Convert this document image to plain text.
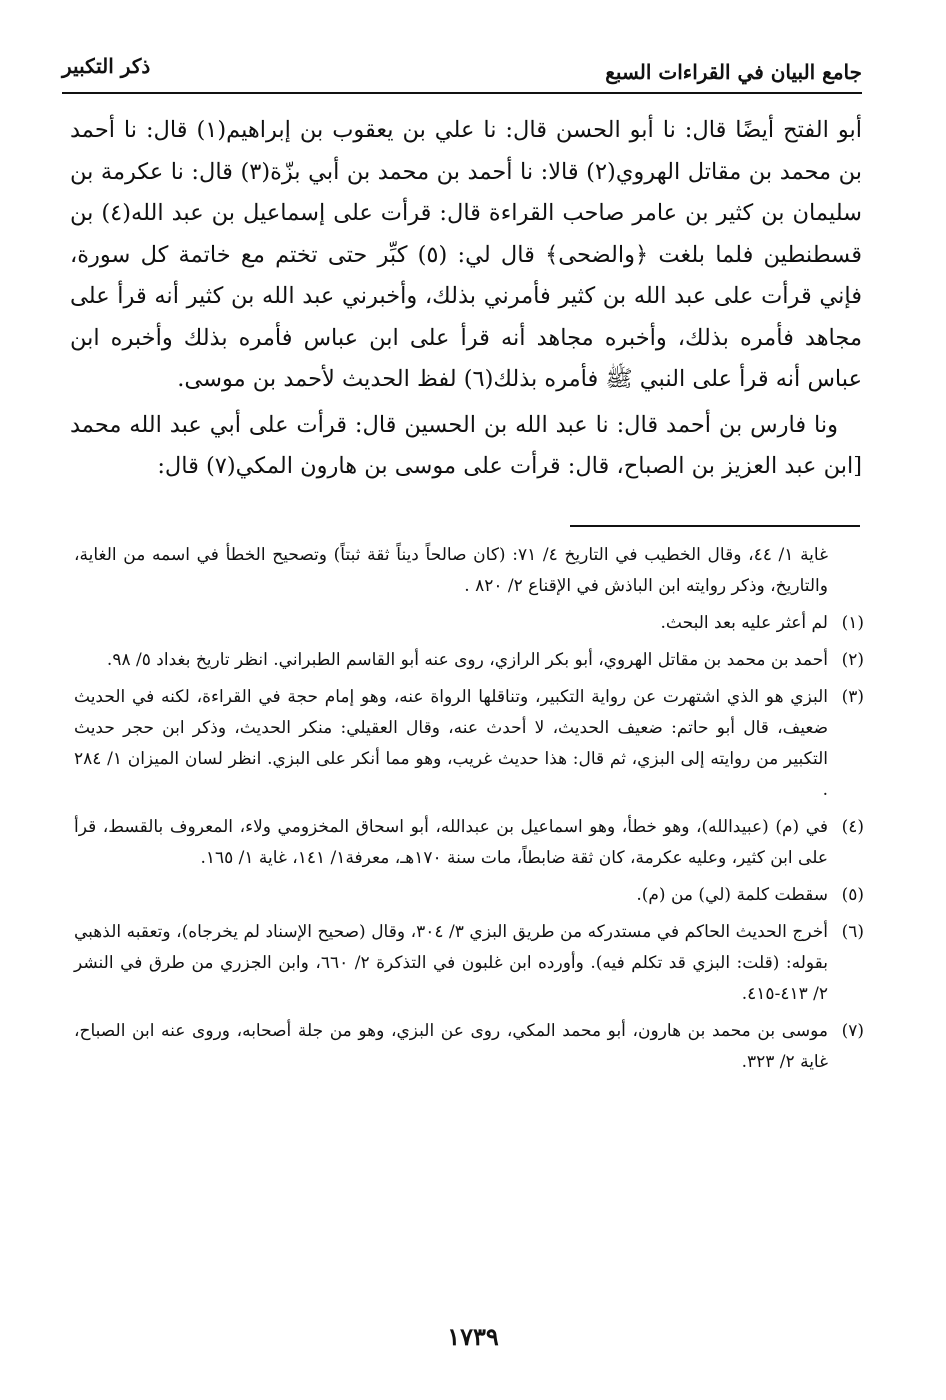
جامع البيان في القراءات السبع
ذكر التكبير

أبو الفتح أيضًا قال: نا أبو الحسن قال: نا علي بن يعقوب بن إبراهيم(١) قال: نا أحمد بن محمد بن مقاتل الهروي(٢) قالا: نا أحمد بن محمد بن أبي بزّة(٣) قال: نا عكرمة بن سليمان بن كثير بن عامر صاحب القراءة قال: قرأت على إسماعيل بن عبد الله(٤) بن قسطنطين فلما بلغت ﴿والضحى﴾ قال لي: (٥) كبِّر حتى تختم مع خاتمة كل سورة، فإني قرأت على عبد الله بن كثير فأمرني بذلك، وأخبرني عبد الله بن كثير أنه قرأ على مجاهد فأمره بذلك، وأخبره مجاهد أنه قرأ على ابن عباس فأمره بذلك وأخبره ابن عباس أنه قرأ على النبي ﷺ فأمره بذلك(٦) لفظ الحديث لأحمد بن موسى.

ونا فارس بن أحمد قال: نا عبد الله بن الحسين قال: قرأت على أبي عبد الله محمد [ابن عبد العزيز بن الصباح، قال: قرأت على موسى بن هارون المكي(٧) قال:

غاية ١/ ٤٤، وقال الخطيب في التاريخ ٤/ ٧١: (كان صالحاً ديناً ثقة ثبتاً) وتصحيح الخطأ في اسمه من الغاية، والتاريخ، وذكر روايته ابن الباذش في الإقناع ٢/ ٨٢٠ .

(١)
لم أعثر عليه بعد البحث.

(٢)
أحمد بن محمد بن مقاتل الهروي، أبو بكر الرازي، روى عنه أبو القاسم الطبراني. انظر تاريخ بغداد ٥/ ٩٨.

(٣)
البزي هو الذي اشتهرت عن رواية التكبير، وتناقلها الرواة عنه، وهو إمام حجة في القراءة، لكنه في الحديث ضعيف، قال أبو حاتم: ضعيف الحديث، لا أحدث عنه، وقال العقيلي: منكر الحديث، وذكر ابن حجر حديث التكبير من روايته إلى البزي، ثم قال: هذا حديث غريب، وهو مما أنكر على البزي. انظر لسان الميزان ١/ ٢٨٤ .

(٤)
في (م) (عبيدالله)، وهو خطأ، وهو اسماعيل بن عبدالله، أبو اسحاق المخزومي ولاء، المعروف بالقسط، قرأ على ابن كثير، وعليه عكرمة، كان ثقة ضابطاً، مات سنة ١٧٠هـ، معرفة١/ ١٤١، غاية ١/ ١٦٥.

(٥)
سقطت كلمة (لي) من (م).

(٦)
أخرج الحديث الحاكم في مستدركه من طريق البزي ٣/ ٣٠٤، وقال (صحيح الإسناد لم يخرجاه)، وتعقبه الذهبي بقوله: (قلت: البزي قد تكلم فيه). وأورده ابن غلبون في التذكرة ٢/ ٦٦٠، وابن الجزري من طرق في النشر ٢/ ٤١٣-٤١٥.

(٧)
موسى بن محمد بن هارون، أبو محمد المكي، روى عن البزي، وهو من جلة أصحابه، وروى عنه ابن الصباح، غاية ٢/ ٣٢٣.

١٧٣٩
